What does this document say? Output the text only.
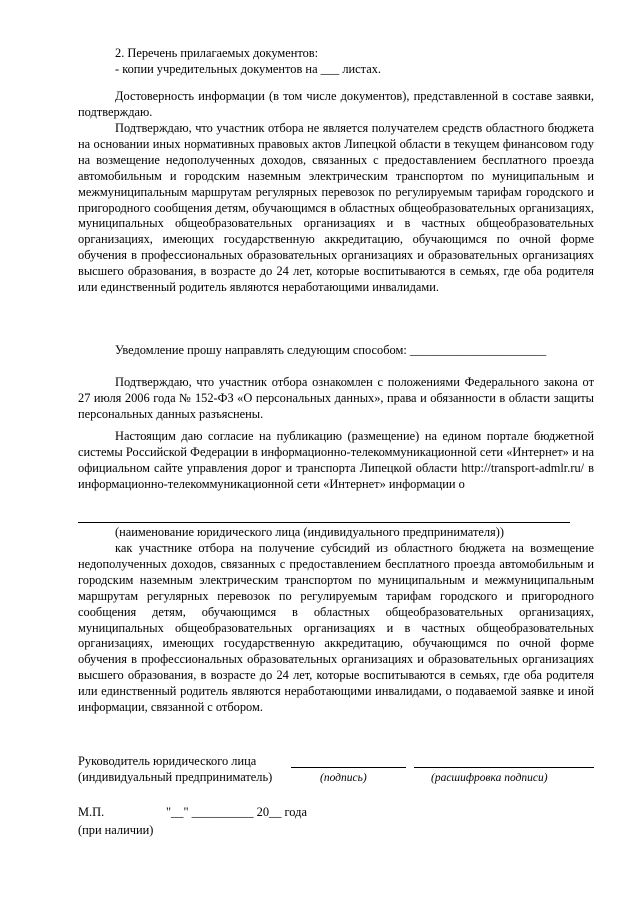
2. Перечень прилагаемых документов:
- копии учредительных документов на ___ листах.
Достоверность информации (в том числе документов), представленной в составе заявки, подтверждаю.
Подтверждаю, что участник отбора не является получателем средств областного бюджета на основании иных нормативных правовых актов Липецкой области в текущем финансовом году на возмещение недополученных доходов, связанных с предоставлением бесплатного проезда автомобильным и городским наземным электрическим транспортом по муниципальным и межмуниципальным маршрутам регулярных перевозок по регулируемым тарифам городского и пригородного сообщения детям, обучающимся в областных общеобразовательных организациях, муниципальных общеобразовательных организациях и в частных общеобразовательных организациях, имеющих государственную аккредитацию, обучающимся по очной форме обучения в профессиональных образовательных организациях и образовательных организациях высшего образования, в возрасте до 24 лет, которые воспитываются в семьях, где оба родителя или единственный родитель являются неработающими инвалидами.
Уведомление прошу направлять следующим способом: ______________________
Подтверждаю, что участник отбора ознакомлен с положениями Федерального закона от 27 июля 2006 года № 152-ФЗ «О персональных данных», права и обязанности в области защиты персональных данных разъяснены.
Настоящим даю согласие на публикацию (размещение) на едином портале бюджетной системы Российской Федерации в информационно-телекоммуникационной сети «Интернет» и на официальном сайте управления дорог и транспорта Липецкой области http://transport-admlr.ru/ в информационно-телекоммуникационной сети «Интернет» информации о
(наименование юридического лица (индивидуального предпринимателя))
как участнике отбора на получение субсидий из областного бюджета на возмещение недополученных доходов, связанных с предоставлением бесплатного проезда автомобильным и городским наземным электрическим транспортом по муниципальным и межмуниципальным маршрутам регулярных перевозок по регулируемым тарифам городского и пригородного сообщения детям, обучающимся в областных общеобразовательных организациях, муниципальных общеобразовательных организациях и в частных общеобразовательных организациях, имеющих государственную аккредитацию, обучающимся по очной форме обучения в профессиональных образовательных организациях и образовательных организациях высшего образования, в возрасте до 24 лет, которые воспитываются в семьях, где оба родителя или единственный родитель являются неработающими инвалидами, о подаваемой заявке и иной информации, связанной с отбором.
Руководитель юридического лица
(индивидуальный предприниматель)	(подпись)	(расшифровка подписи)
М.П.	"__" __________ 20__ года
(при наличии)
